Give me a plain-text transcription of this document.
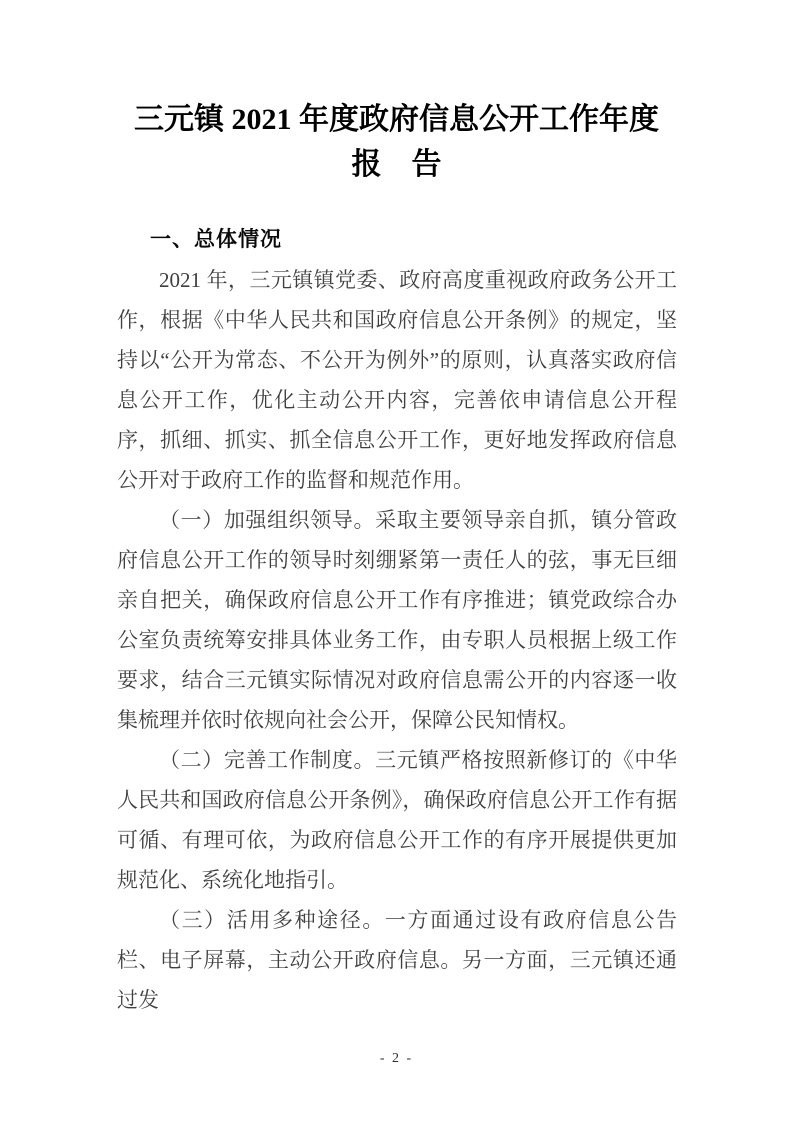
三元镇 2021 年度政府信息公开工作年度
报　告
一、总体情况

2021 年，三元镇镇党委、政府高度重视政府政务公开工作，根据《中华人民共和国政府信息公开条例》的规定，坚持以“公开为常态、不公开为例外”的原则，认真落实政府信息公开工作，优化主动公开内容，完善依申请信息公开程序，抓细、抓实、抓全信息公开工作，更好地发挥政府信息公开对于政府工作的监督和规范作用。

（一）加强组织领导。采取主要领导亲自抓，镇分管政府信息公开工作的领导时刻绷紧第一责任人的弦，事无巨细亲自把关，确保政府信息公开工作有序推进；镇党政综合办公室负责统筹安排具体业务工作，由专职人员根据上级工作要求，结合三元镇实际情况对政府信息需公开的内容逐一收集梳理并依时依规向社会公开，保障公民知情权。

（二）完善工作制度。三元镇严格按照新修订的《中华人民共和国政府信息公开条例》，确保政府信息公开工作有据可循、有理可依，为政府信息公开工作的有序开展提供更加规范化、系统化地指引。

（三）活用多种途径。一方面通过设有政府信息公告栏、电子屏幕，主动公开政府信息。另一方面，三元镇还通过发

- 2 -
